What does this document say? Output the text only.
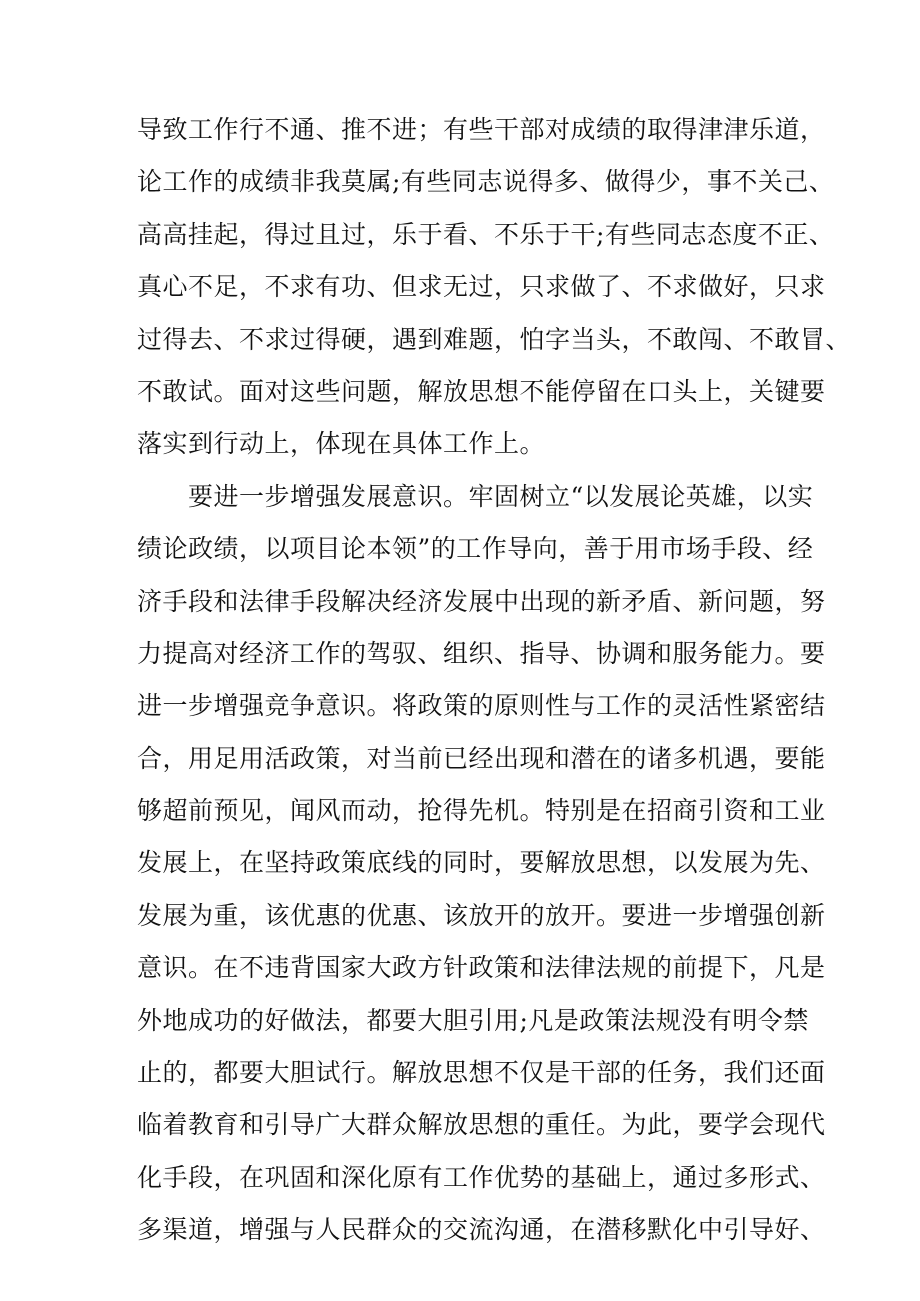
导致工作行不通、推不进；有些干部对成绩的取得津津乐道，
论工作的成绩非我莫属;有些同志说得多、做得少，事不关己、
高高挂起，得过且过，乐于看、不乐于干;有些同志态度不正、
真心不足，不求有功、但求无过，只求做了、不求做好，只求
过得去、不求过得硬，遇到难题，怕字当头，不敢闯、不敢冒、
不敢试。面对这些问题，解放思想不能停留在口头上，关键要
落实到行动上，体现在具体工作上。
　　要进一步增强发展意识。牢固树立“以发展论英雄，以实
绩论政绩，以项目论本领”的工作导向，善于用市场手段、经
济手段和法律手段解决经济发展中出现的新矛盾、新问题，努
力提高对经济工作的驾驭、组织、指导、协调和服务能力。要
进一步增强竞争意识。将政策的原则性与工作的灵活性紧密结
合，用足用活政策，对当前已经出现和潜在的诸多机遇，要能
够超前预见，闻风而动，抢得先机。特别是在招商引资和工业
发展上，在坚持政策底线的同时，要解放思想，以发展为先、
发展为重，该优惠的优惠、该放开的放开。要进一步增强创新
意识。在不违背国家大政方针政策和法律法规的前提下，凡是
外地成功的好做法，都要大胆引用;凡是政策法规没有明令禁
止的，都要大胆试行。解放思想不仅是干部的任务，我们还面
临着教育和引导广大群众解放思想的重任。为此，要学会现代
化手段，在巩固和深化原有工作优势的基础上，通过多形式、
多渠道，增强与人民群众的交流沟通，在潜移默化中引导好、
